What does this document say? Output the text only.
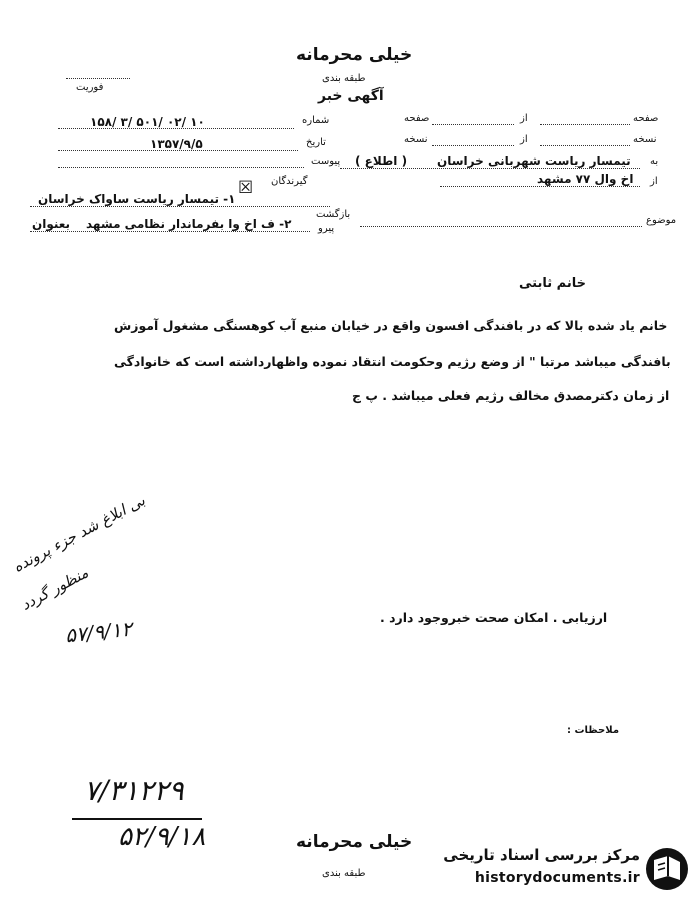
خیلی محرمانه
طبقه بندی
فوریت
آگهی خبر
صفحه
از
صفحه
نسخه
از
نسخه
به
تیمسار ریاست شهربانی خراسان
( اطلاع )
از
اخ وال ۷۷ مشهد
شماره
۱۵۸/ ۳/ ۵۰۱/ ۰۲/ ۱۰
تاریخ
۱۳۵۷/۹/۵
پیوست
گیرندگان
☒
۱- تیمسار ریاست ساواک خراسان
موضوع
بازگشت
پیرو
۲- ف اخ وا بفرماندار نظامی مشهد
بعنوان
خانم ثابتی
خانم یاد شده بالا که در بافندگی افسون واقع در خیابان منبع آب کوهسنگی مشغول آموزش
بافندگی میباشد مرتبا " از وضع رژیم وحکومت انتقاد نموده واظهارداشته است که خانوادگی
از زمان دکترمصدق مخالف رژیم فعلی میباشد . پ ج
ارزیابی . امکان صحت خبروجود دارد .
بی ابلاغ شد جزء پرونده
منظور گردد
۵۷/۹/۱۲
ملاحظات :
۷/۳۱۲۲۹
۵۲/۹/۱۸	خیلی محرمانه
طبقه بندی
مرکز بررسی اسناد تاریخی
historydocuments.ir
